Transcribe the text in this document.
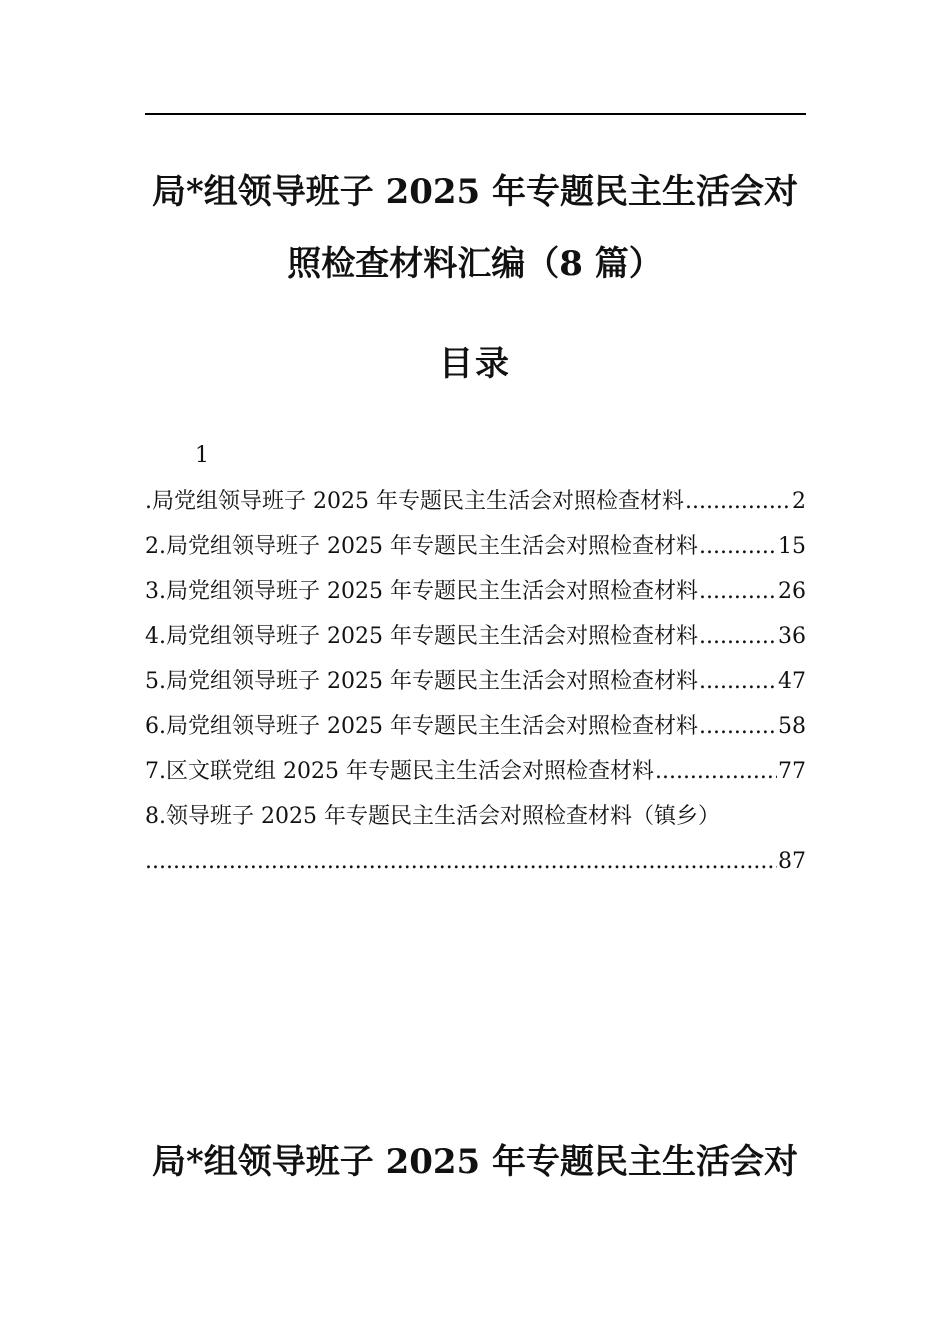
局*组领导班子 2025 年专题民主生活会对
照检查材料汇编（8 篇）
目录
1
.局党组领导班子 2025 年专题民主生活会对照检查材料 .....	2
2.局党组领导班子 2025 年专题民主生活会对照检查材料 .....	15
3.局党组领导班子 2025 年专题民主生活会对照检查材料 .....	26
4.局党组领导班子 2025 年专题民主生活会对照检查材料 .....	36
5.局党组领导班子 2025 年专题民主生活会对照检查材料 .....	47
6.局党组领导班子 2025 年专题民主生活会对照检查材料 .....	58
7.区文联党组 2025 年专题民主生活会对照检查材料 .....	77
8.领导班子 2025 年专题民主生活会对照检查材料（镇乡）
.....
87
局*组领导班子 2025 年专题民主生活会对
